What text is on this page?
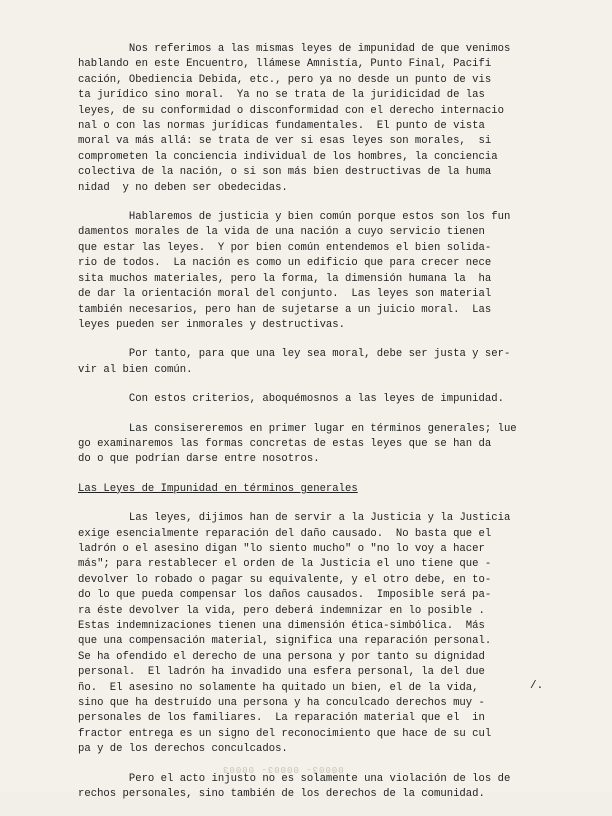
Nos referimos a las mismas leyes de impunidad de que venimos
hablando en este Encuentro, llámese Amnistía, Punto Final, Pacifi
cación, Obediencia Debida, etc., pero ya no desde un punto de vis
ta jurídico sino moral.  Ya no se trata de la juridicidad de las
leyes, de su conformidad o disconformidad con el derecho internacio
nal o con las normas jurídicas fundamentales.  El punto de vista
moral va más allá: se trata de ver si esas leyes son morales,  si
comprometen la conciencia individual de los hombres, la conciencia
colectiva de la nación, o si son más bien destructivas de la huma
nidad  y no deben ser obedecidas.

Hablaremos de justicia y bien común porque estos son los fun
damentos morales de la vida de una nación a cuyo servicio tienen
que estar las leyes.  Y por bien común entendemos el bien solida-
rio de todos.  La nación es como un edificio que para crecer nece
sita muchos materiales, pero la forma, la dimensión humana la  ha
de dar la orientación moral del conjunto.  Las leyes son material
también necesarios, pero han de sujetarse a un juicio moral.  Las
leyes pueden ser inmorales y destructivas.

Por tanto, para que una ley sea moral, debe ser justa y ser-
vir al bien común.

Con estos criterios, aboquémosnos a las leyes de impunidad.

Las consisereremos en primer lugar en términos generales; lue
go examinaremos las formas concretas de estas leyes que se han da
do o que podrían darse entre nosotros.

Las Leyes de Impunidad en términos generales

Las leyes, dijimos han de servir a la Justicia y la Justicia
exige esencialmente reparación del daño causado.  No basta que el
ladrón o el asesino digan "lo siento mucho" o "no lo voy a hacer
más"; para restablecer el orden de la Justicia el uno tiene que -
devolver lo robado o pagar su equivalente, y el otro debe, en to-
do lo que pueda compensar los daños causados.  Imposible será pa-
ra éste devolver la vida, pero deberá indemnizar en lo posible .
Estas indemnizaciones tienen una dimensión ética-simbólica.  Más
que una compensación material, significa una reparación personal.
Se ha ofendido el derecho de una persona y por tanto su dignidad
personal.  El ladrón ha invadido una esfera personal, la del due
ño.  El asesino no solamente ha quitado un bien, el de la vida,
sino que ha destruído una persona y ha conculcado derechos muy -
personales de los familiares.  La reparación material que el  in
fractor entrega es un signo del reconocimiento que hace de su cul
pa y de los derechos conculcados.

Pero el acto injusto no es solamente una violación de los de
rechos personales, sino también de los derechos de la comunidad.

/.
00003- 00003- 00003
